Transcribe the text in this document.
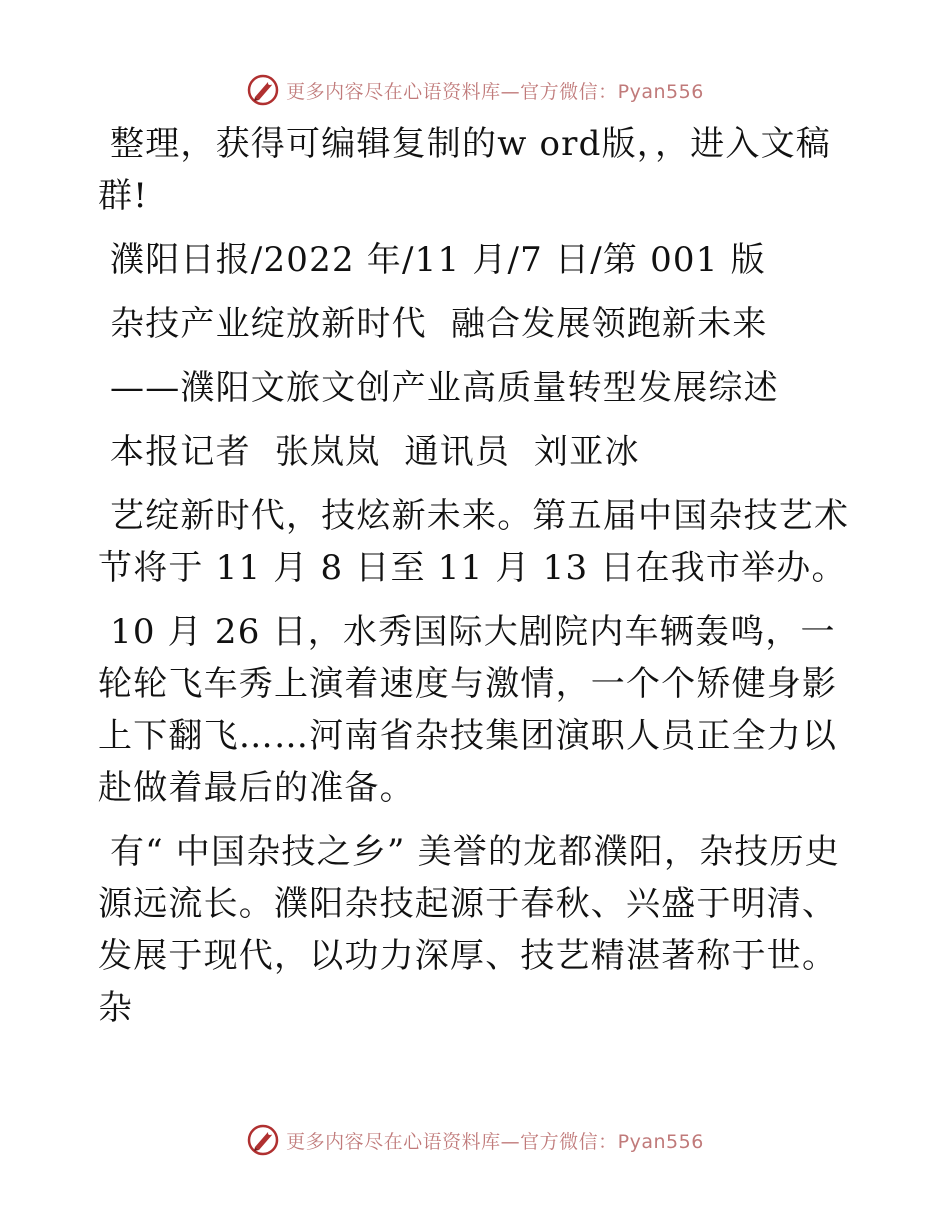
更多内容尽在心语资料库—官方微信：Pyan556

整理，获得可编辑复制的w ord版，，进入文稿群!

濮阳日报/2022 年/11 月/7 日/第 001 版

杂技产业绽放新时代  融合发展领跑新未来

——濮阳文旅文创产业高质量转型发展综述

本报记者  张岚岚  通讯员  刘亚冰

艺绽新时代，技炫新未来。第五届中国杂技艺术节将于 11 月 8 日至 11 月 13 日在我市举办。

10 月 26 日，水秀国际大剧院内车辆轰鸣，一轮轮飞车秀上演着速度与激情，一个个矫健身影上下翻飞……河南省杂技集团演职人员正全力以赴做着最后的准备。

有“ 中国杂技之乡” 美誉的龙都濮阳，杂技历史源远流长。濮阳杂技起源于春秋、兴盛于明清、发展于现代，以功力深厚、技艺精湛著称于世。杂

更多内容尽在心语资料库—官方微信：Pyan556
